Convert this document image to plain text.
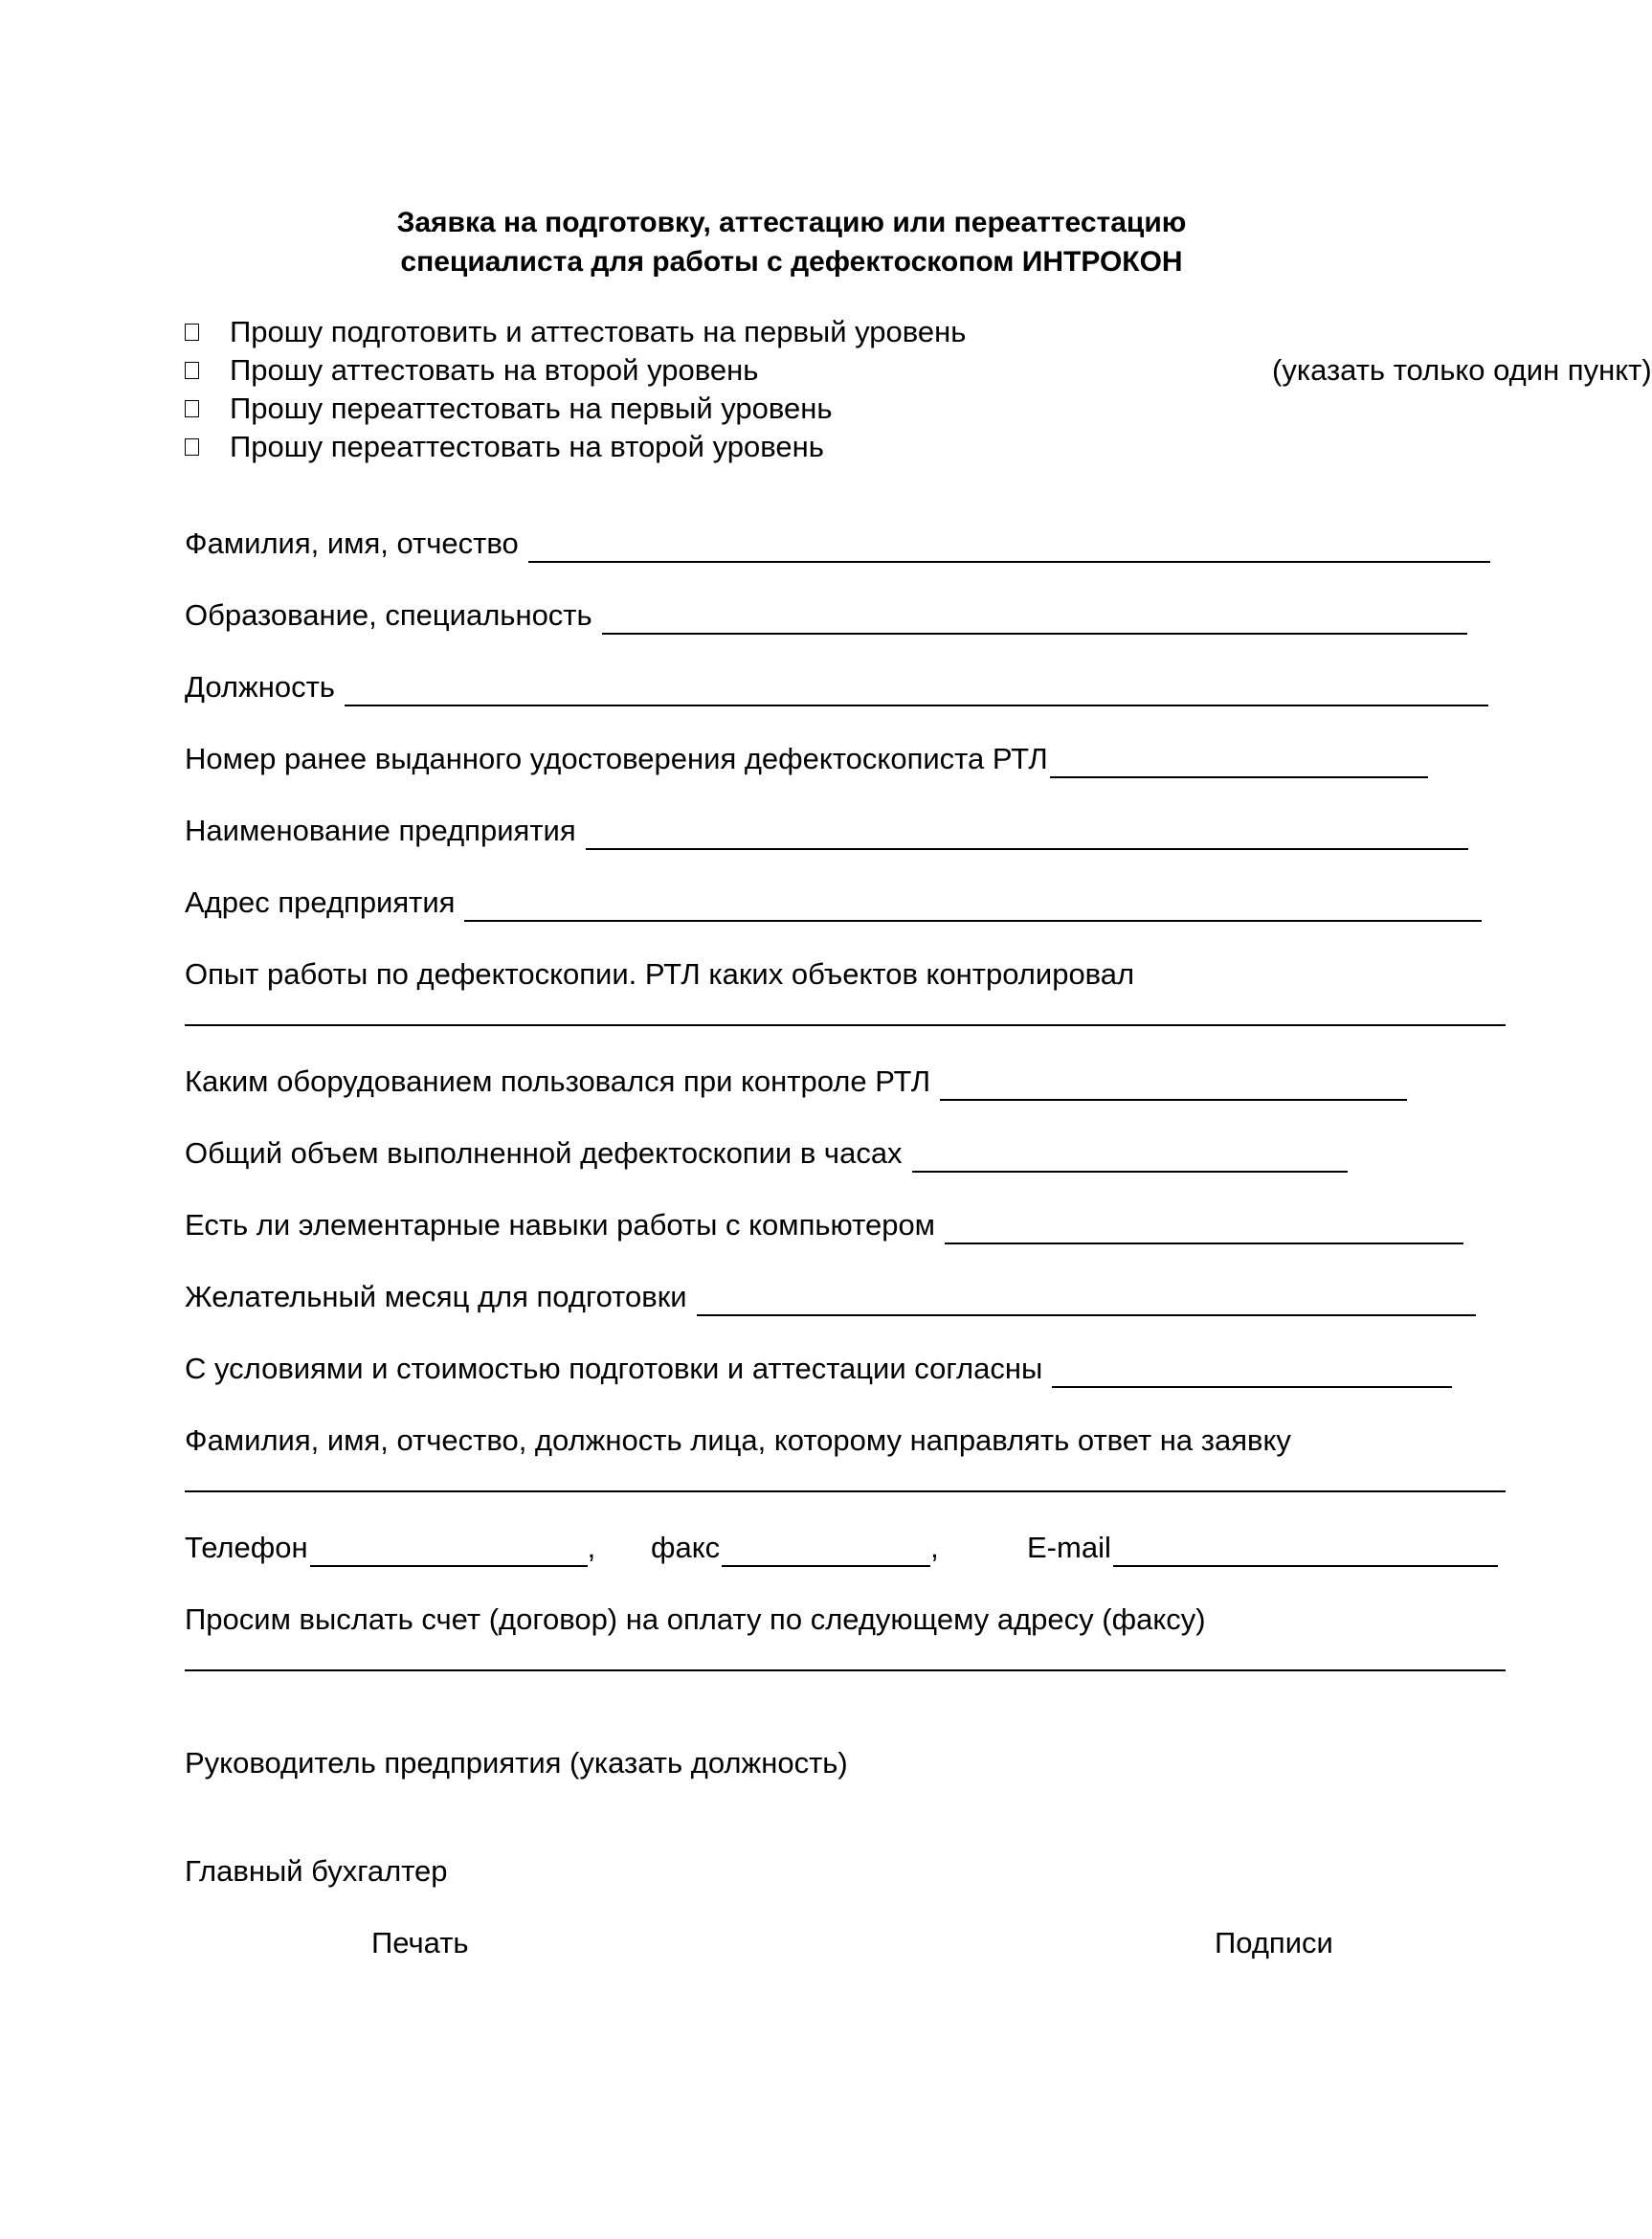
Заявка на подготовку, аттестацию или переаттестацию
специалиста для работы с дефектоскопом ИНТРОКОН
Прошу подготовить и аттестовать на первый уровень
Прошу аттестовать на второй уровень	(указать только один пункт)
Прошу переаттестовать на первый уровень
Прошу переаттестовать на второй уровень
Фамилия, имя, отчество
Образование, специальность
Должность
Номер ранее выданного удостоверения дефектоскописта РТЛ
Наименование предприятия
Адрес предприятия
Опыт работы по дефектоскопии. РТЛ каких объектов контролировал
Каким оборудованием пользовался при контроле РТЛ
Общий объем выполненной дефектоскопии в часах
Есть ли элементарные навыки работы с компьютером
Желательный месяц для подготовки
С условиями и стоимостью подготовки и аттестации согласны
Фамилия, имя, отчество, должность лица, которому направлять ответ на заявку
Телефон	, факс	,	E-mail
Просим выслать счет (договор) на оплату по следующему адресу (факсу)
Руководитель предприятия (указать должность)
Главный бухгалтер
Печать	Подписи
